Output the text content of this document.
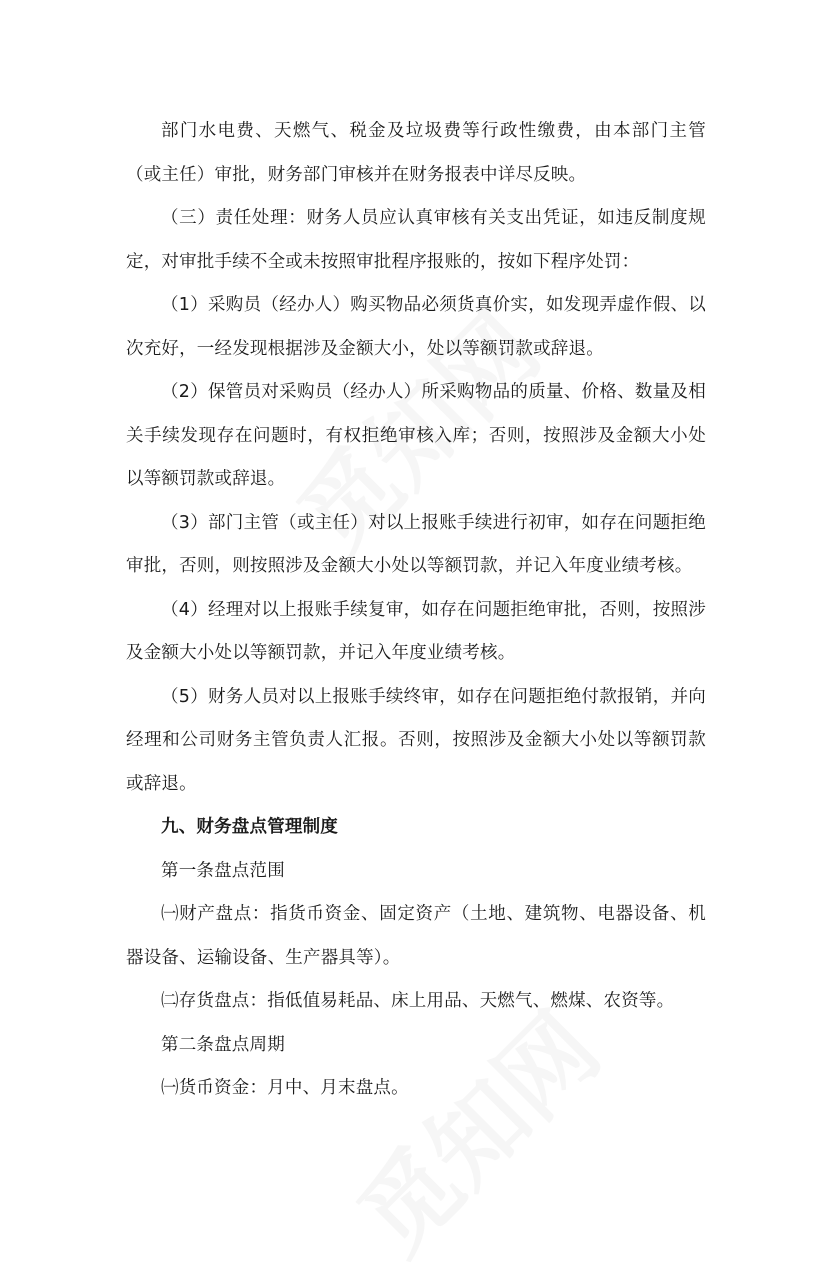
部门水电费、天燃气、税金及垃圾费等行政性缴费，由本部门主管（或主任）审批，财务部门审核并在财务报表中详尽反映。

（三）责任处理：财务人员应认真审核有关支出凭证，如违反制度规定，对审批手续不全或未按照审批程序报账的，按如下程序处罚：

（1）采购员（经办人）购买物品必须货真价实，如发现弄虚作假、以次充好，一经发现根据涉及金额大小，处以等额罚款或辞退。

（2）保管员对采购员（经办人）所采购物品的质量、价格、数量及相关手续发现存在问题时，有权拒绝审核入库；否则，按照涉及金额大小处以等额罚款或辞退。

（3）部门主管（或主任）对以上报账手续进行初审，如存在问题拒绝审批，否则，则按照涉及金额大小处以等额罚款，并记入年度业绩考核。

（4）经理对以上报账手续复审，如存在问题拒绝审批，否则，按照涉及金额大小处以等额罚款，并记入年度业绩考核。

（5）财务人员对以上报账手续终审，如存在问题拒绝付款报销，并向经理和公司财务主管负责人汇报。否则，按照涉及金额大小处以等额罚款或辞退。

九、财务盘点管理制度

第一条盘点范围

㈠财产盘点：指货币资金、固定资产（土地、建筑物、电器设备、机器设备、运输设备、生产器具等）。

㈡存货盘点：指低值易耗品、床上用品、天燃气、燃煤、农资等。

第二条盘点周期

㈠货币资金：月中、月末盘点。
